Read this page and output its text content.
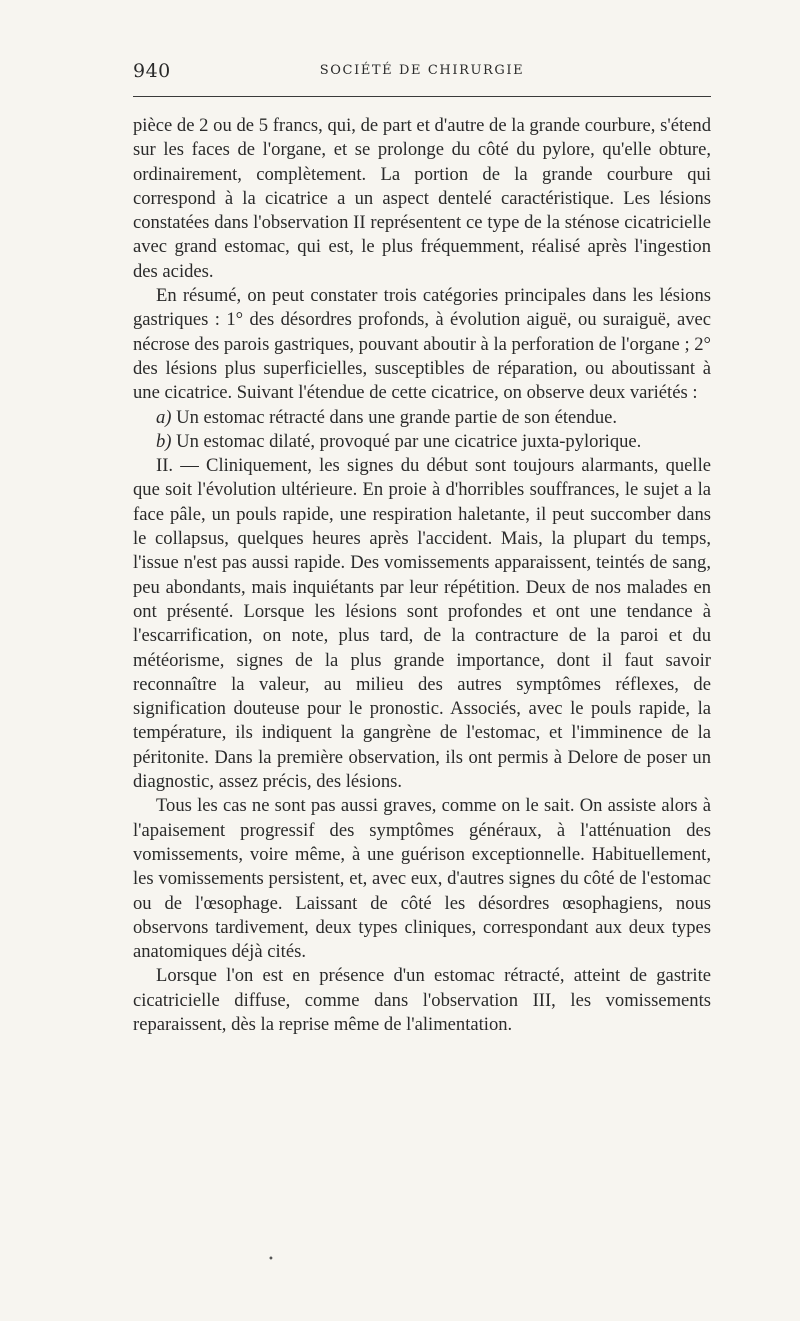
940	SOCIÉTÉ DE CHIRURGIE

pièce de 2 ou de 5 francs, qui, de part et d'autre de la grande courbure, s'étend sur les faces de l'organe, et se prolonge du côté du pylore, qu'elle obture, ordinairement, complètement. La portion de la grande courbure qui correspond à la cicatrice a un aspect dentelé caractéristique. Les lésions constatées dans l'observation II représentent ce type de la sténose cicatricielle avec grand estomac, qui est, le plus fréquemment, réalisé après l'ingestion des acides.

En résumé, on peut constater trois catégories principales dans les lésions gastriques : 1° des désordres profonds, à évolution aiguë, ou suraiguë, avec nécrose des parois gastriques, pouvant aboutir à la perforation de l'organe ; 2° des lésions plus superficielles, susceptibles de réparation, ou aboutissant à une cicatrice. Suivant l'étendue de cette cicatrice, on observe deux variétés :

a) Un estomac rétracté dans une grande partie de son étendue.

b) Un estomac dilaté, provoqué par une cicatrice juxta-pylorique.

II. — Cliniquement, les signes du début sont toujours alarmants, quelle que soit l'évolution ultérieure. En proie à d'horribles souffrances, le sujet a la face pâle, un pouls rapide, une respiration haletante, il peut succomber dans le collapsus, quelques heures après l'accident. Mais, la plupart du temps, l'issue n'est pas aussi rapide. Des vomissements apparaissent, teintés de sang, peu abondants, mais inquiétants par leur répétition. Deux de nos malades en ont présenté. Lorsque les lésions sont profondes et ont une tendance à l'escarrification, on note, plus tard, de la contracture de la paroi et du météorisme, signes de la plus grande importance, dont il faut savoir reconnaître la valeur, au milieu des autres symptômes réflexes, de signification douteuse pour le pronostic. Associés, avec le pouls rapide, la température, ils indiquent la gangrène de l'estomac, et l'imminence de la péritonite. Dans la première observation, ils ont permis à Delore de poser un diagnostic, assez précis, des lésions.

Tous les cas ne sont pas aussi graves, comme on le sait. On assiste alors à l'apaisement progressif des symptômes généraux, à l'atténuation des vomissements, voire même, à une guérison exceptionnelle. Habituellement, les vomissements persistent, et, avec eux, d'autres signes du côté de l'estomac ou de l'œsophage. Laissant de côté les désordres œsophagiens, nous observons tardivement, deux types cliniques, correspondant aux deux types anatomiques déjà cités.

Lorsque l'on est en présence d'un estomac rétracté, atteint de gastrite cicatricielle diffuse, comme dans l'observation III, les vomissements reparaissent, dès la reprise même de l'alimentation.

•
